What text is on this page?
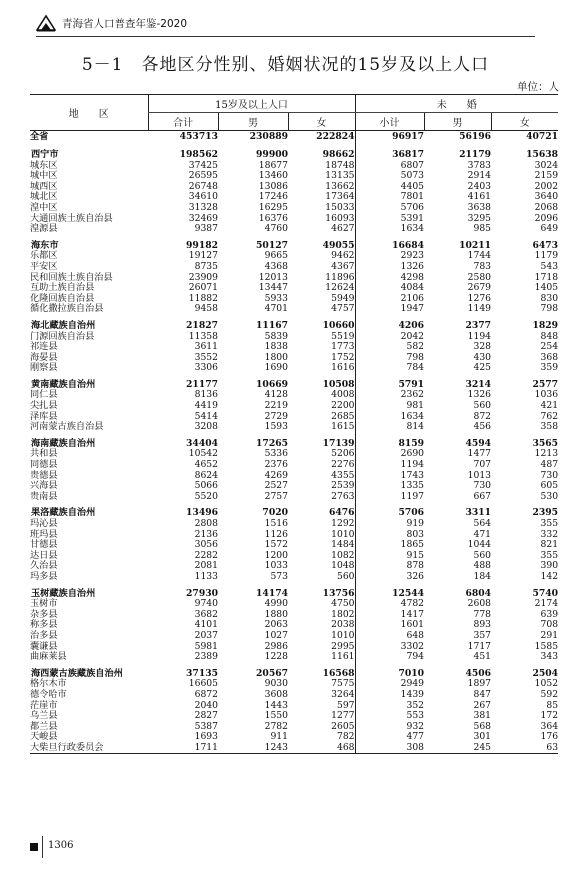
青海省人口普查年鉴-2020
5－1　各地区分性别、婚姻状况的15岁及以上人口
单位：人
地　　区	15岁及以上人口			未　　婚		
	合计	男	女	小计	男	女
全省	453713	230889	222824	96917	56196	40721

西宁市	198562	99900	98662	36817	21179	15638
城东区	37425	18677	18748	6807	3783	3024
城中区	26595	13460	13135	5073	2914	2159
城西区	26748	13086	13662	4405	2403	2002
城北区	34610	17246	17364	7801	4161	3640
湟中区	31328	16295	15033	5706	3638	2068
大通回族土族自治县	32469	16376	16093	5391	3295	2096
湟源县	9387	4760	4627	1634	985	649

海东市	99182	50127	49055	16684	10211	6473
乐都区	19127	9665	9462	2923	1744	1179
平安区	8735	4368	4367	1326	783	543
民和回族土族自治县	23909	12013	11896	4298	2580	1718
互助土族自治县	26071	13447	12624	4084	2679	1405
化隆回族自治县	11882	5933	5949	2106	1276	830
循化撒拉族自治县	9458	4701	4757	1947	1149	798

海北藏族自治州	21827	11167	10660	4206	2377	1829
门源回族自治县	11358	5839	5519	2042	1194	848
祁连县	3611	1838	1773	582	328	254
海晏县	3552	1800	1752	798	430	368
刚察县	3306	1690	1616	784	425	359

黄南藏族自治州	21177	10669	10508	5791	3214	2577
同仁县	8136	4128	4008	2362	1326	1036
尖扎县	4419	2219	2200	981	560	421
泽库县	5414	2729	2685	1634	872	762
河南蒙古族自治县	3208	1593	1615	814	456	358

海南藏族自治州	34404	17265	17139	8159	4594	3565
共和县	10542	5336	5206	2690	1477	1213
同德县	4652	2376	2276	1194	707	487
贵德县	8624	4269	4355	1743	1013	730
兴海县	5066	2527	2539	1335	730	605
贵南县	5520	2757	2763	1197	667	530

果洛藏族自治州	13496	7020	6476	5706	3311	2395
玛沁县	2808	1516	1292	919	564	355
班玛县	2136	1126	1010	803	471	332
甘德县	3056	1572	1484	1865	1044	821
达日县	2282	1200	1082	915	560	355
久治县	2081	1033	1048	878	488	390
玛多县	1133	573	560	326	184	142

玉树藏族自治州	27930	14174	13756	12544	6804	5740
玉树市	9740	4990	4750	4782	2608	2174
杂多县	3682	1880	1802	1417	778	639
称多县	4101	2063	2038	1601	893	708
治多县	2037	1027	1010	648	357	291
囊谦县	5981	2986	2995	3302	1717	1585
曲麻莱县	2389	1228	1161	794	451	343

海西蒙古族藏族自治州	37135	20567	16568	7010	4506	2504
格尔木市	16605	9030	7575	2949	1897	1052
德令哈市	6872	3608	3264	1439	847	592
茫崖市	2040	1443	597	352	267	85
乌兰县	2827	1550	1277	553	381	172
都兰县	5387	2782	2605	932	568	364
天峻县	1693	911	782	477	301	176
大柴旦行政委员会	1711	1243	468	308	245	63
1306
